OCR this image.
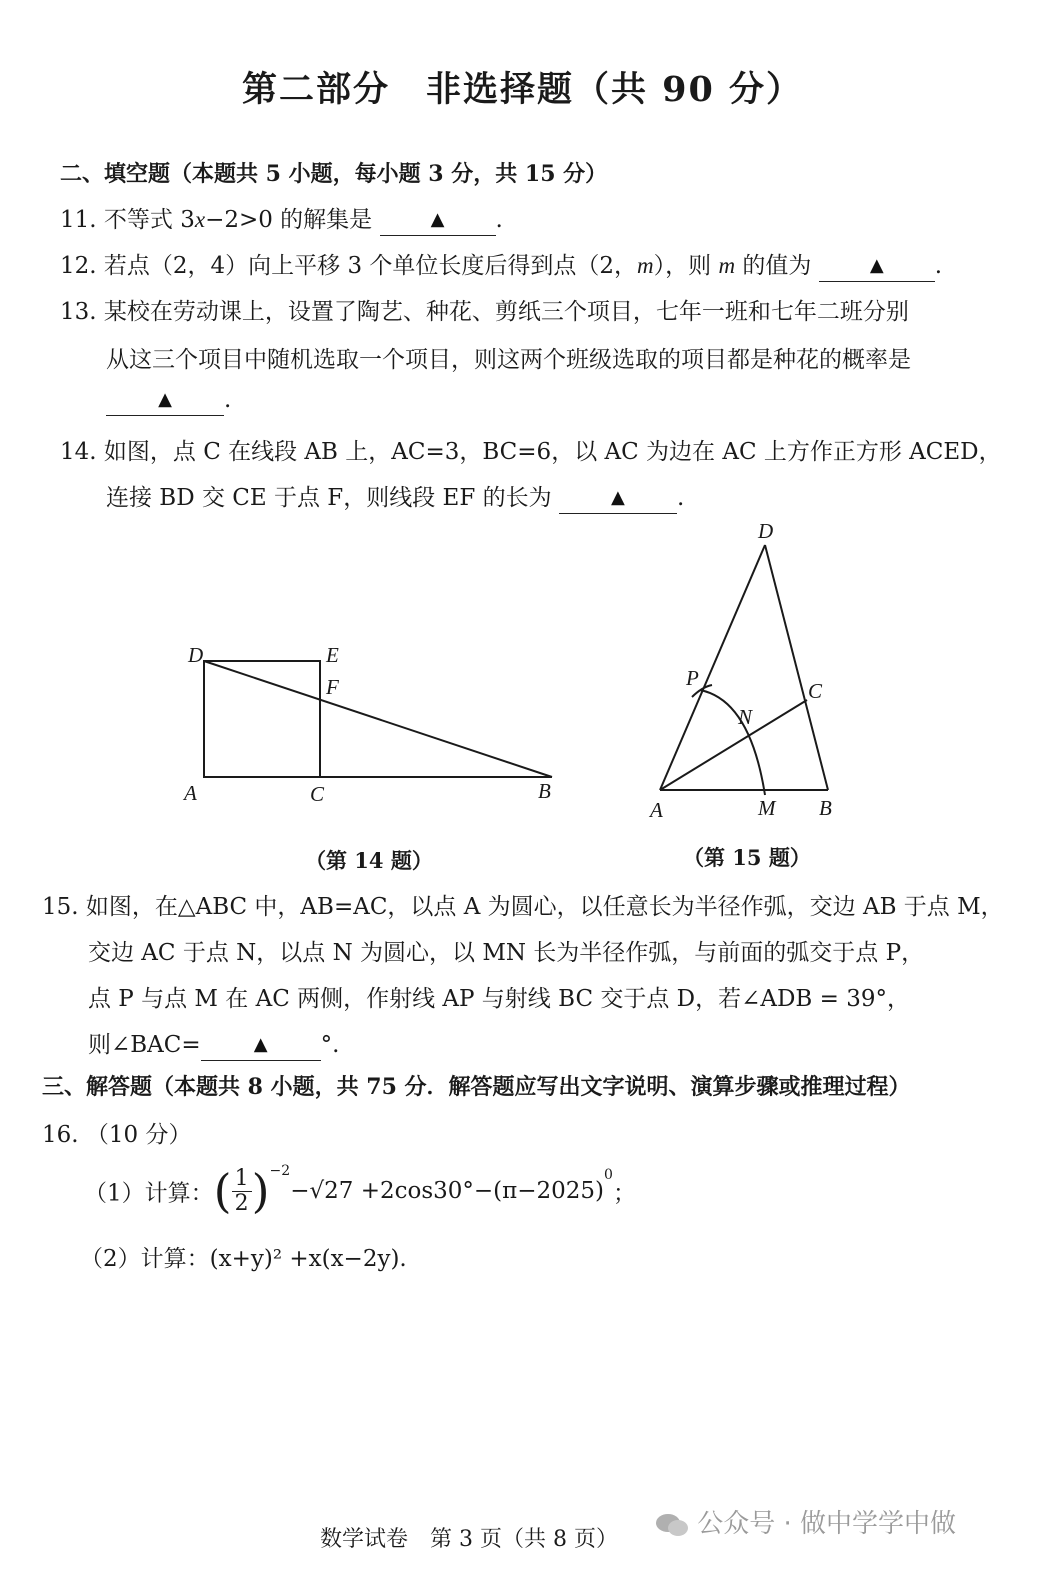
第二部分 非选择题（共 90 分）
二、填空题（本题共 5 小题，每小题 3 分，共 15 分）
11. 不等式 3x−2>0 的解集是	▲ .
12. 若点（2，4）向上平移 3 个单位长度后得到点（2，m），则 m 的值为	▲ .
13. 某校在劳动课上，设置了陶艺、种花、剪纸三个项目，七年一班和七年二班分别
从这三个项目中随机选取一个项目，则这两个班级选取的项目都是种花的概率是
▲ .
14. 如图，点 C 在线段 AB 上，AC=3，BC=6，以 AC 为边在 AC 上方作正方形 ACED，
连接 BD 交 CE 于点 F，则线段 EF 的长为	▲ .
D	E
F
A	C	B
（第 14 题）
D
P
C
N
A	M B
（第 15 题）
15. 如图，在△ABC 中，AB=AC，以点 A 为圆心，以任意长为半径作弧，交边 AB 于点 M，
交边 AC 于点 N，以点 N 为圆心，以 MN 长为半径作弧，与前面的弧交于点 P，
点 P 与点 M 在 AC 两侧，作射线 AP 与射线 BC 交于点 D，若∠ADB = 39°，
则∠BAC=	▲ °.
三、解答题（本题共 8 小题，共 75 分．解答题应写出文字说明、演算步骤或推理过程）
16. （10 分）
（1）计算：( $\frac{1}{2} )^{-2}-√27 +2\cos 30^\circ-(\pi-2025)^0$；
（2）计算：(x+y)² +x(x−2y).
数学试卷　第 3 页（共 8 页）
公众号 · 做中学学中做
